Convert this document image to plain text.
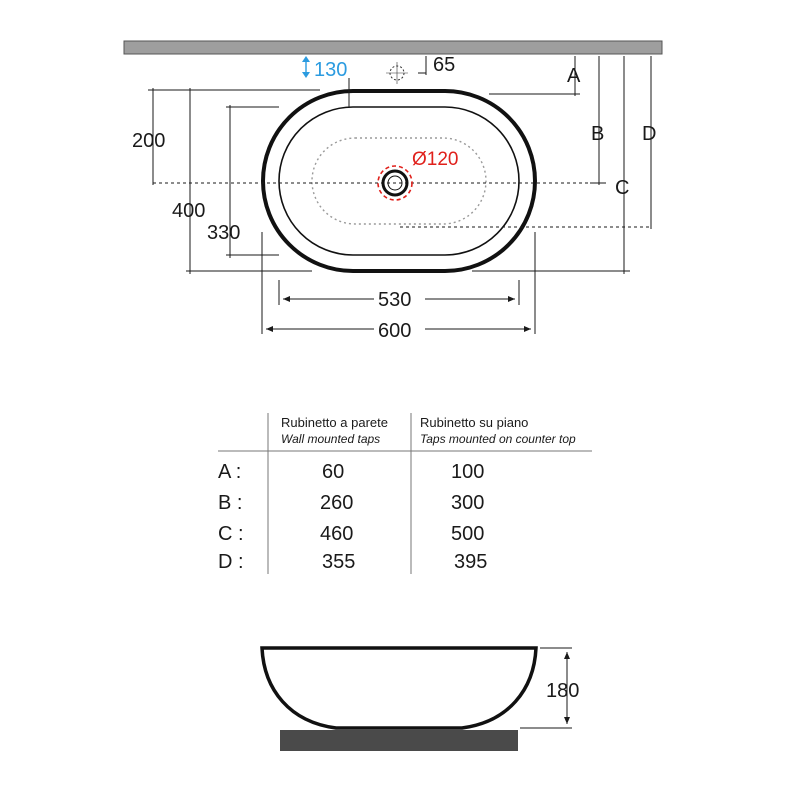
Ø120
65
130	A
B
C
D
200
400
330
530
600
Rubinetto a parete
Wall mounted taps
Rubinetto su piano
Taps mounted on counter top
A :	60	100
B :	260	300
C :	460	500
D :	355	395
180
